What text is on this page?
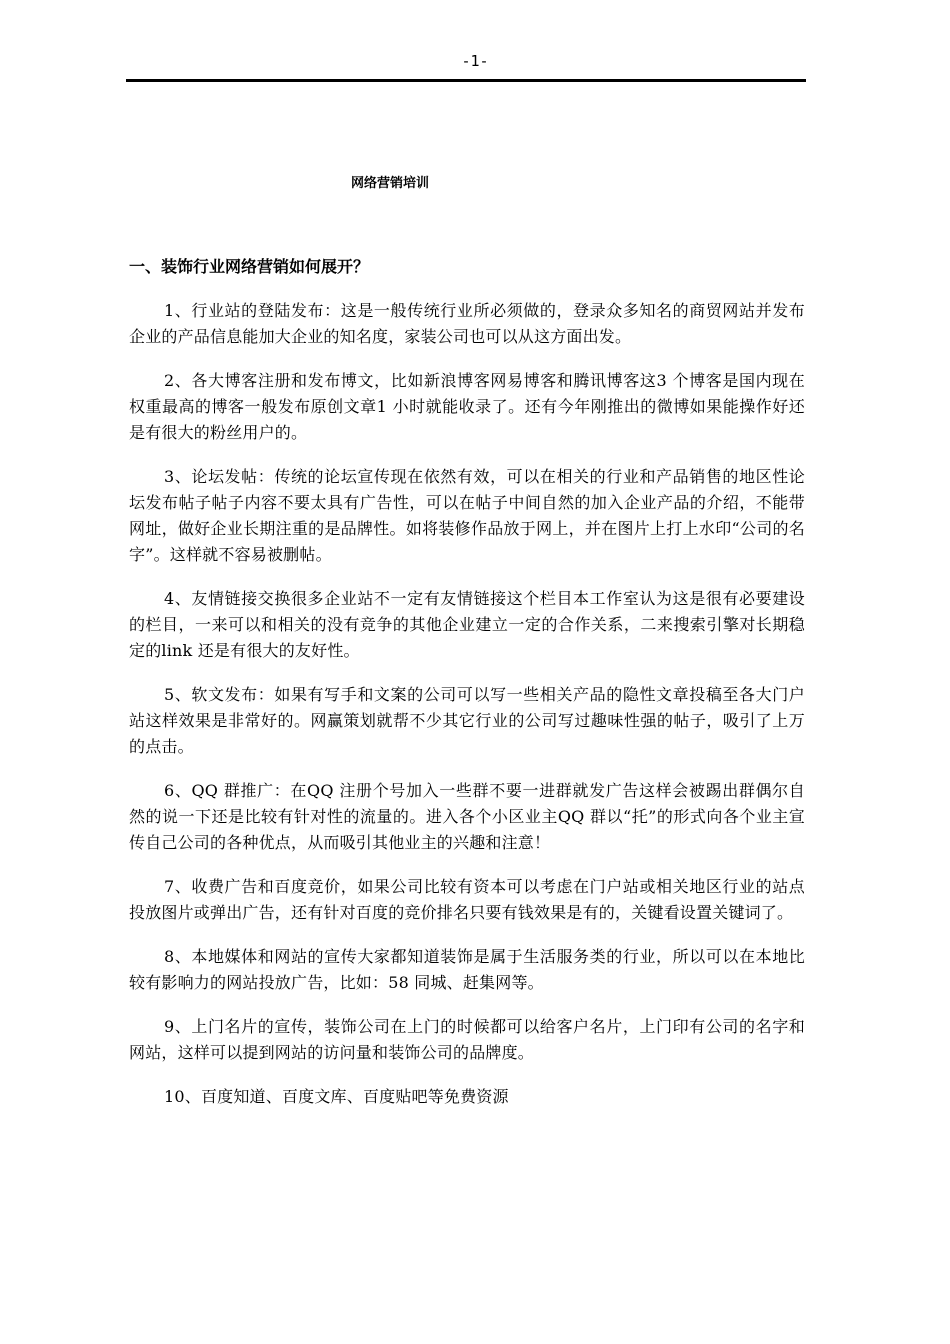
-1-
网络营销培训
一、装饰行业网络营销如何展开？

1、行业站的登陆发布：这是一般传统行业所必须做的，登录众多知名的商贸网站并发布企业的产品信息能加大企业的知名度，家装公司也可以从这方面出发。

2、各大博客注册和发布博文，比如新浪博客网易博客和腾讯博客这3 个博客是国内现在权重最高的博客一般发布原创文章1 小时就能收录了。还有今年刚推出的微博如果能操作好还是有很大的粉丝用户的。

3、论坛发帖：传统的论坛宣传现在依然有效，可以在相关的行业和产品销售的地区性论坛发布帖子帖子内容不要太具有广告性，可以在帖子中间自然的加入企业产品的介绍，不能带网址，做好企业长期注重的是品牌性。如将装修作品放于网上，并在图片上打上水印“公司的名字”。这样就不容易被删帖。

4、友情链接交换很多企业站不一定有友情链接这个栏目本工作室认为这是很有必要建设的栏目，一来可以和相关的没有竞争的其他企业建立一定的合作关系，二来搜索引擎对长期稳定的link 还是有很大的友好性。

5、软文发布：如果有写手和文案的公司可以写一些相关产品的隐性文章投稿至各大门户站这样效果是非常好的。网赢策划就帮不少其它行业的公司写过趣味性强的帖子，吸引了上万的点击。

6、QQ 群推广：在QQ 注册个号加入一些群不要一进群就发广告这样会被踢出群偶尔自然的说一下还是比较有针对性的流量的。进入各个小区业主QQ 群以“托”的形式向各个业主宣传自己公司的各种优点，从而吸引其他业主的兴趣和注意！

7、收费广告和百度竞价，如果公司比较有资本可以考虑在门户站或相关地区行业的站点投放图片或弹出广告，还有针对百度的竞价排名只要有钱效果是有的，关键看设置关键词了。

8、本地媒体和网站的宣传大家都知道装饰是属于生活服务类的行业，所以可以在本地比较有影响力的网站投放广告，比如：58 同城、赶集网等。

9、上门名片的宣传，装饰公司在上门的时候都可以给客户名片，上门印有公司的名字和网站，这样可以提到网站的访问量和装饰公司的品牌度。

10、百度知道、百度文库、百度贴吧等免费资源
